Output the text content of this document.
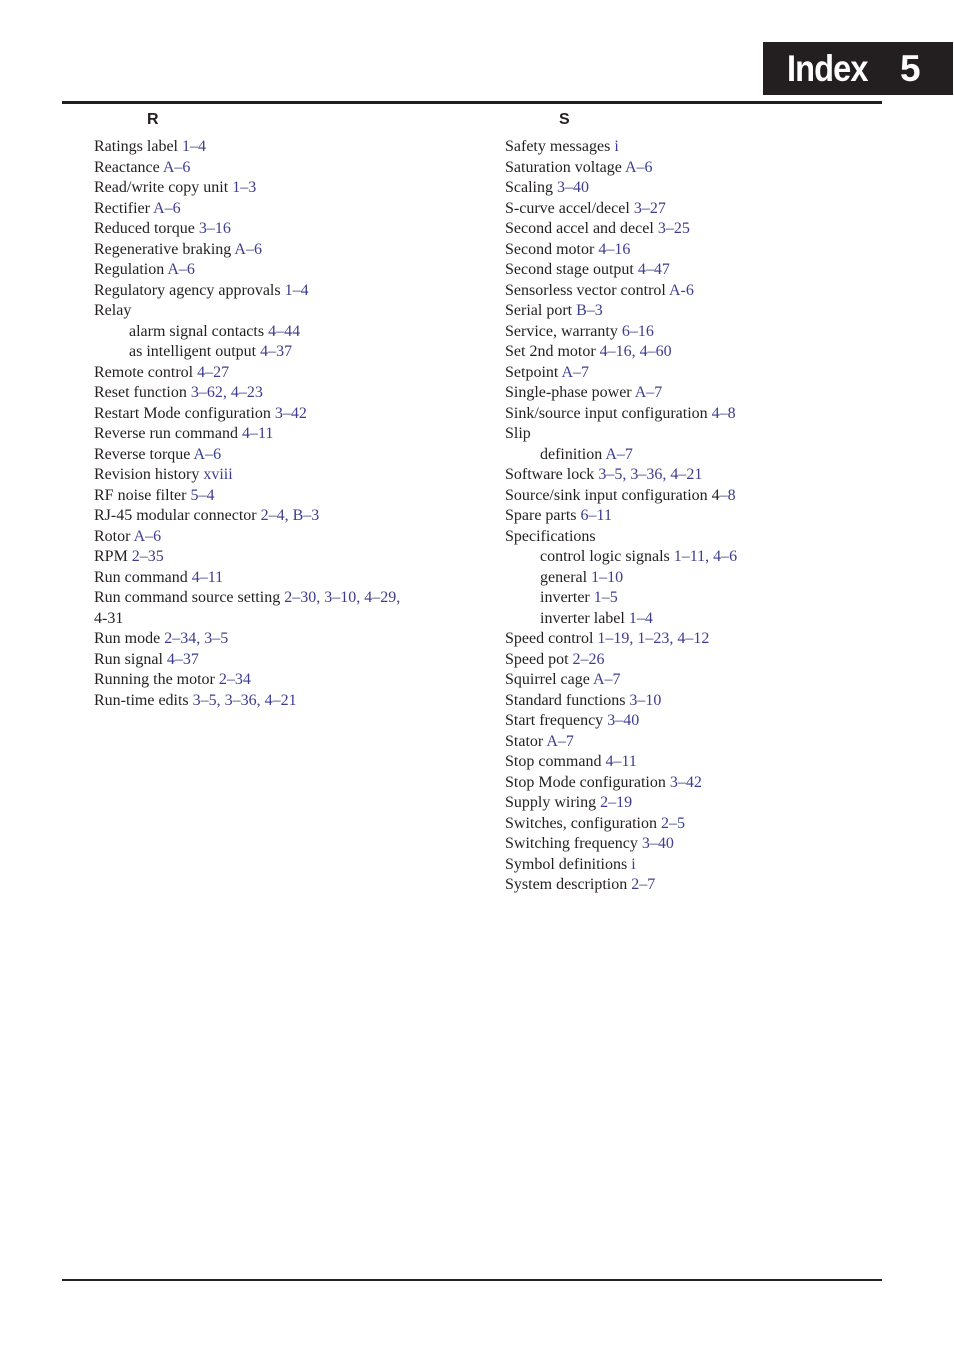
Index 5
R	S
Ratings label 1–4
Reactance A–6
Read/write copy unit 1–3
Rectifier A–6
Reduced torque 3–16
Regenerative braking A–6
Regulation A–6
Regulatory agency approvals 1–4
Relay
alarm signal contacts 4–44
as intelligent output 4–37
Remote control 4–27
Reset function 3–62, 4–23
Restart Mode configuration 3–42
Reverse run command 4–11
Reverse torque A–6
Revision history xviii
RF noise filter 5–4
RJ-45 modular connector 2–4, B–3
Rotor A–6
RPM 2–35
Run command 4–11
Run command source setting 2–30, 3–10, 4–29,
4-31
Run mode 2–34, 3–5
Run signal 4–37
Running the motor 2–34
Run-time edits 3–5, 3–36, 4–21
Safety messages i
Saturation voltage A–6
Scaling 3–40
S-curve accel/decel 3–27
Second accel and decel 3–25
Second motor 4–16
Second stage output 4–47
Sensorless vector control A-6
Serial port B–3
Service, warranty 6–16
Set 2nd motor 4–16, 4–60
Setpoint A–7
Single-phase power A–7
Sink/source input configuration 4–8
Slip
definition A–7
Software lock 3–5, 3–36, 4–21
Source/sink input configuration 4–8
Spare parts 6–11
Specifications
control logic signals 1–11, 4–6
general 1–10
inverter 1–5
inverter label 1–4
Speed control 1–19, 1–23, 4–12
Speed pot 2–26
Squirrel cage A–7
Standard functions 3–10
Start frequency 3–40
Stator A–7
Stop command 4–11
Stop Mode configuration 3–42
Supply wiring 2–19
Switches, configuration 2–5
Switching frequency 3–40
Symbol definitions i
System description 2–7
